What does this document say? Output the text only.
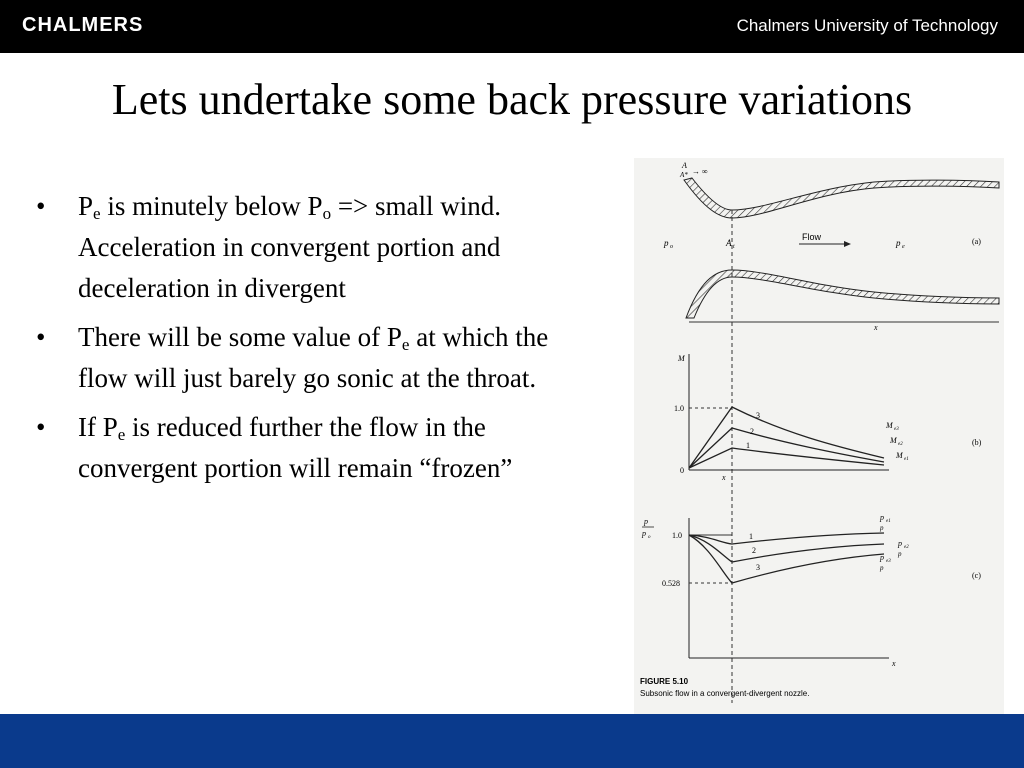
CHALMERS	Chalmers University of Technology
Lets undertake some back pressure variations
• $P_e$ is minutely below $P_o$ => small wind. Acceleration in convergent portion and deceleration in divergent
• There will be some value of $P_e$ at which the flow will just barely go sonic at the throat.
• If $P_e$ is reduced further the flow in the convergent portion will remain “frozen”
A
A* → ∞
p o	A t
Flow
p e
(a)
x
M
1.0
0
3
2
1
M e3
M e2
M e1
(b)
x
p
p o	1.0
0.528
1
2
3
p e1
p e2
p e3
p
p
p
(c)
x
FIGURE 5.10
Subsonic flow in a convergent-divergent nozzle.
